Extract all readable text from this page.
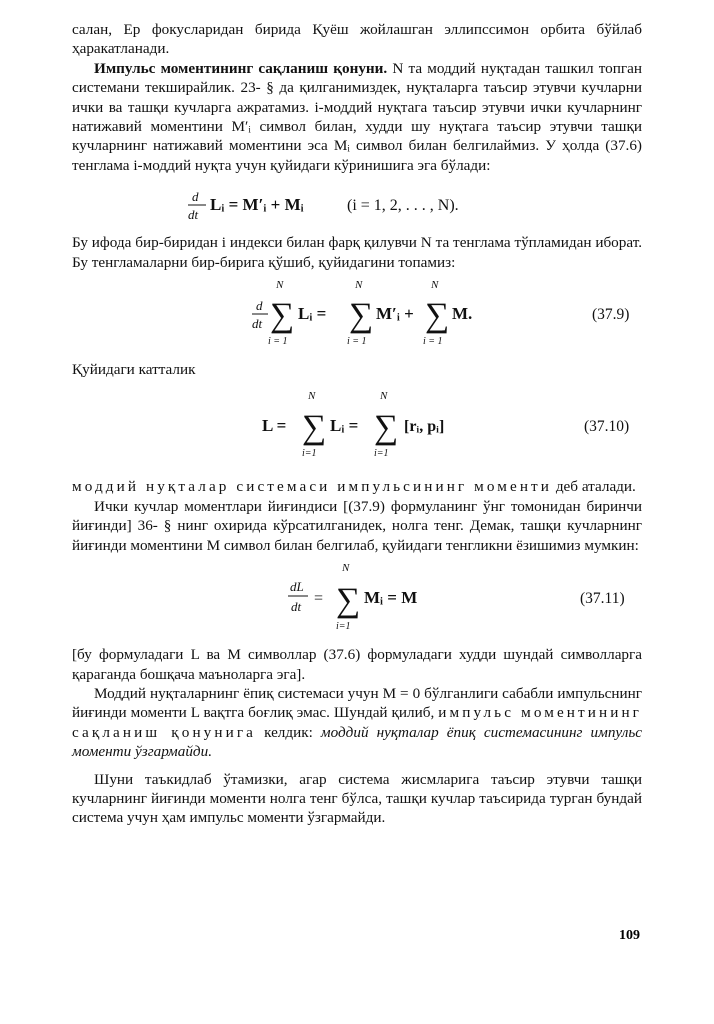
салан, Ер фокусларидан бирида Қуёш жойлашган эллипссимон орбита бўйлаб ҳаракатланади.

Импульс моментининг сақланиш қонуни. N та моддий нуқтадан ташкил топган системани текширайлик. 23- § да қилганимиздек, нуқталарга таъсир этувчи кучларни ички ва ташқи кучларга ажратамиз. i-моддий нуқтага таъсир этувчи ички кучларнинг натижавий моментини M′ᵢ символ билан, худди шу нуқтага таъсир этувчи ташқи кучларнинг натижавий моментини эса Mᵢ символ билан белгилаймиз. У ҳолда (37.6) тенглама i-моддий нуқта учун қуйидаги кўринишига эга бўлади:

d
dt
Lᵢ = M′ᵢ + Mᵢ	(i = 1, 2, . . . , N).

Бу ифода бир-биридан i индекси билан фарқ қилувчи N та тенглама тўпламидан иборат. Бу тенгламаларни бир-бирига қўшиб, қуйидагини топамиз:

d
dt
N
∑
i = 1
Lᵢ =
N
∑
i = 1
M′ᵢ +
N
∑
i = 1
M.	(37.9)

Қуйидаги катталик

L =
N
∑
i=1
Lᵢ =
N
∑
i=1
[rᵢ, pᵢ]	(37.10)

моддий нуқталар системаси импульсининг моменти деб аталади.

Ички кучлар моментлари йиғиндиси [(37.9) формуланинг ўнг томонидан биринчи йиғинди] 36- § нинг охирида кўрсатилганидек, нолга тенг. Демак, ташқи кучларнинг йиғинди моментини M символ билан белгилаб, қуйидаги тенгликни ёзишимиз мумкин:

dL
dt =
N
∑
i=1
Mᵢ = M	(37.11)

[бу формуладаги L ва M символлар (37.6) формуладаги худди шундай символларга қараганда бошқача маъноларга эга].

Моддий нуқталарнинг ёпиқ системаси учун M = 0 бўлганлиги сабабли импульснинг йиғинди моменти L вақтга боғлиқ эмас. Шундай қилиб, импульс моментининг сақланиш қонунига келдик: моддий нуқталар ёпиқ системасининг импульс моменти ўзгармайди.

Шуни таъкидлаб ўтамизки, агар система жисмларига таъсир этувчи ташқи кучларнинг йиғинди моменти нолга тенг бўлса, ташқи кучлар таъсирида турган бундай система учун ҳам импульс моменти ўзгармайди.

109
